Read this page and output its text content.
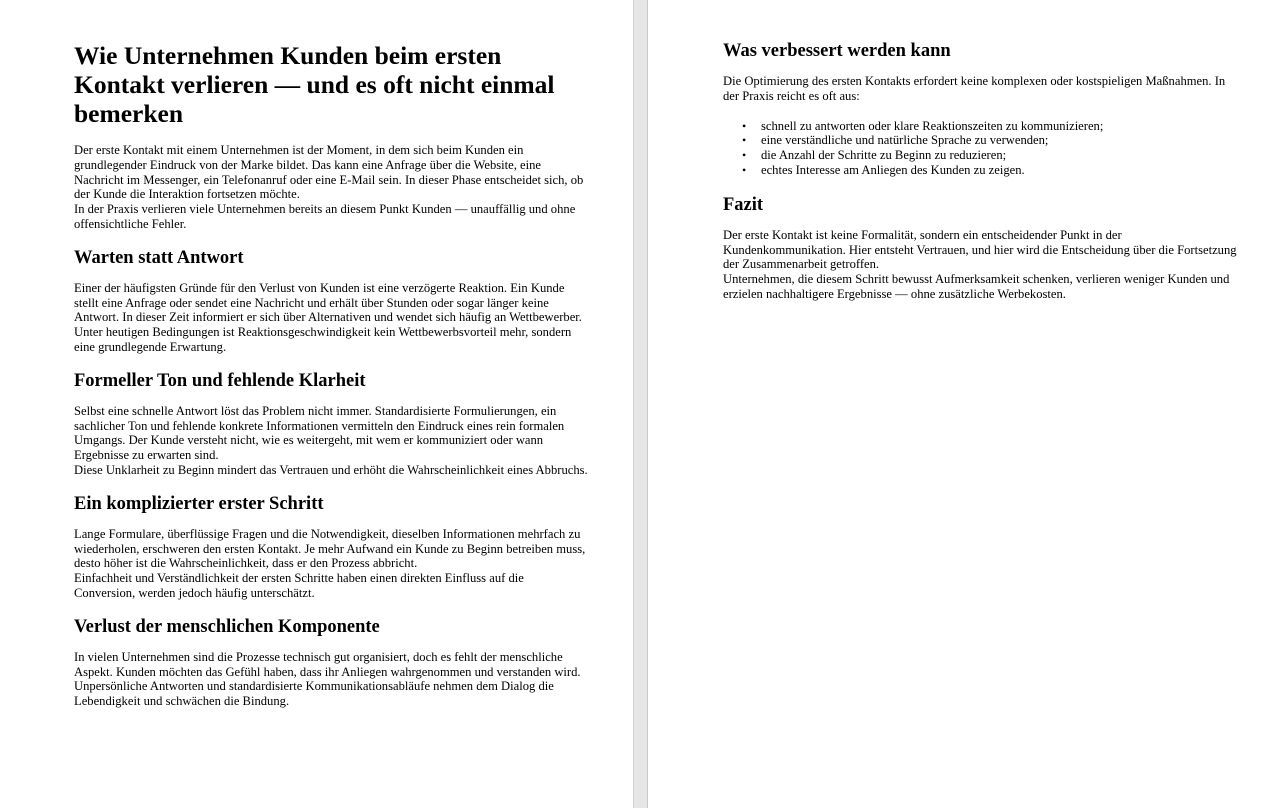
Wie Unternehmen Kunden beim ersten Kontakt verlieren — und es oft nicht einmal bemerken

Der erste Kontakt mit einem Unternehmen ist der Moment, in dem sich beim Kunden ein grundlegender Eindruck von der Marke bildet. Das kann eine Anfrage über die Website, eine Nachricht im Messenger, ein Telefonanruf oder eine E-Mail sein. In dieser Phase entscheidet sich, ob der Kunde die Interaktion fortsetzen möchte.

In der Praxis verlieren viele Unternehmen bereits an diesem Punkt Kunden — unauffällig und ohne offensichtliche Fehler.

Warten statt Antwort

Einer der häufigsten Gründe für den Verlust von Kunden ist eine verzögerte Reaktion. Ein Kunde stellt eine Anfrage oder sendet eine Nachricht und erhält über Stunden oder sogar länger keine Antwort. In dieser Zeit informiert er sich über Alternativen und wendet sich häufig an Wettbewerber.

Unter heutigen Bedingungen ist Reaktionsgeschwindigkeit kein Wettbewerbsvorteil mehr, sondern eine grundlegende Erwartung.

Formeller Ton und fehlende Klarheit

Selbst eine schnelle Antwort löst das Problem nicht immer. Standardisierte Formulierungen, ein sachlicher Ton und fehlende konkrete Informationen vermitteln den Eindruck eines rein formalen Umgangs. Der Kunde versteht nicht, wie es weitergeht, mit wem er kommuniziert oder wann Ergebnisse zu erwarten sind.

Diese Unklarheit zu Beginn mindert das Vertrauen und erhöht die Wahrscheinlichkeit eines Abbruchs.

Ein komplizierter erster Schritt

Lange Formulare, überflüssige Fragen und die Notwendigkeit, dieselben Informationen mehrfach zu wiederholen, erschweren den ersten Kontakt. Je mehr Aufwand ein Kunde zu Beginn betreiben muss, desto höher ist die Wahrscheinlichkeit, dass er den Prozess abbricht.

Einfachheit und Verständlichkeit der ersten Schritte haben einen direkten Einfluss auf die Conversion, werden jedoch häufig unterschätzt.

Verlust der menschlichen Komponente

In vielen Unternehmen sind die Prozesse technisch gut organisiert, doch es fehlt der menschliche Aspekt. Kunden möchten das Gefühl haben, dass ihr Anliegen wahrgenommen und verstanden wird.

Unpersönliche Antworten und standardisierte Kommunikationsabläufe nehmen dem Dialog die Lebendigkeit und schwächen die Bindung.

Was verbessert werden kann

Die Optimierung des ersten Kontakts erfordert keine komplexen oder kostspieligen Maßnahmen. In der Praxis reicht es oft aus:

• schnell zu antworten oder klare Reaktionszeiten zu kommunizieren;
• eine verständliche und natürliche Sprache zu verwenden;
• die Anzahl der Schritte zu Beginn zu reduzieren;
• echtes Interesse am Anliegen des Kunden zu zeigen.
Fazit

Der erste Kontakt ist keine Formalität, sondern ein entscheidender Punkt in der Kundenkommunikation. Hier entsteht Vertrauen, und hier wird die Entscheidung über die Fortsetzung der Zusammenarbeit getroffen.

Unternehmen, die diesem Schritt bewusst Aufmerksamkeit schenken, verlieren weniger Kunden und erzielen nachhaltigere Ergebnisse — ohne zusätzliche Werbekosten.
